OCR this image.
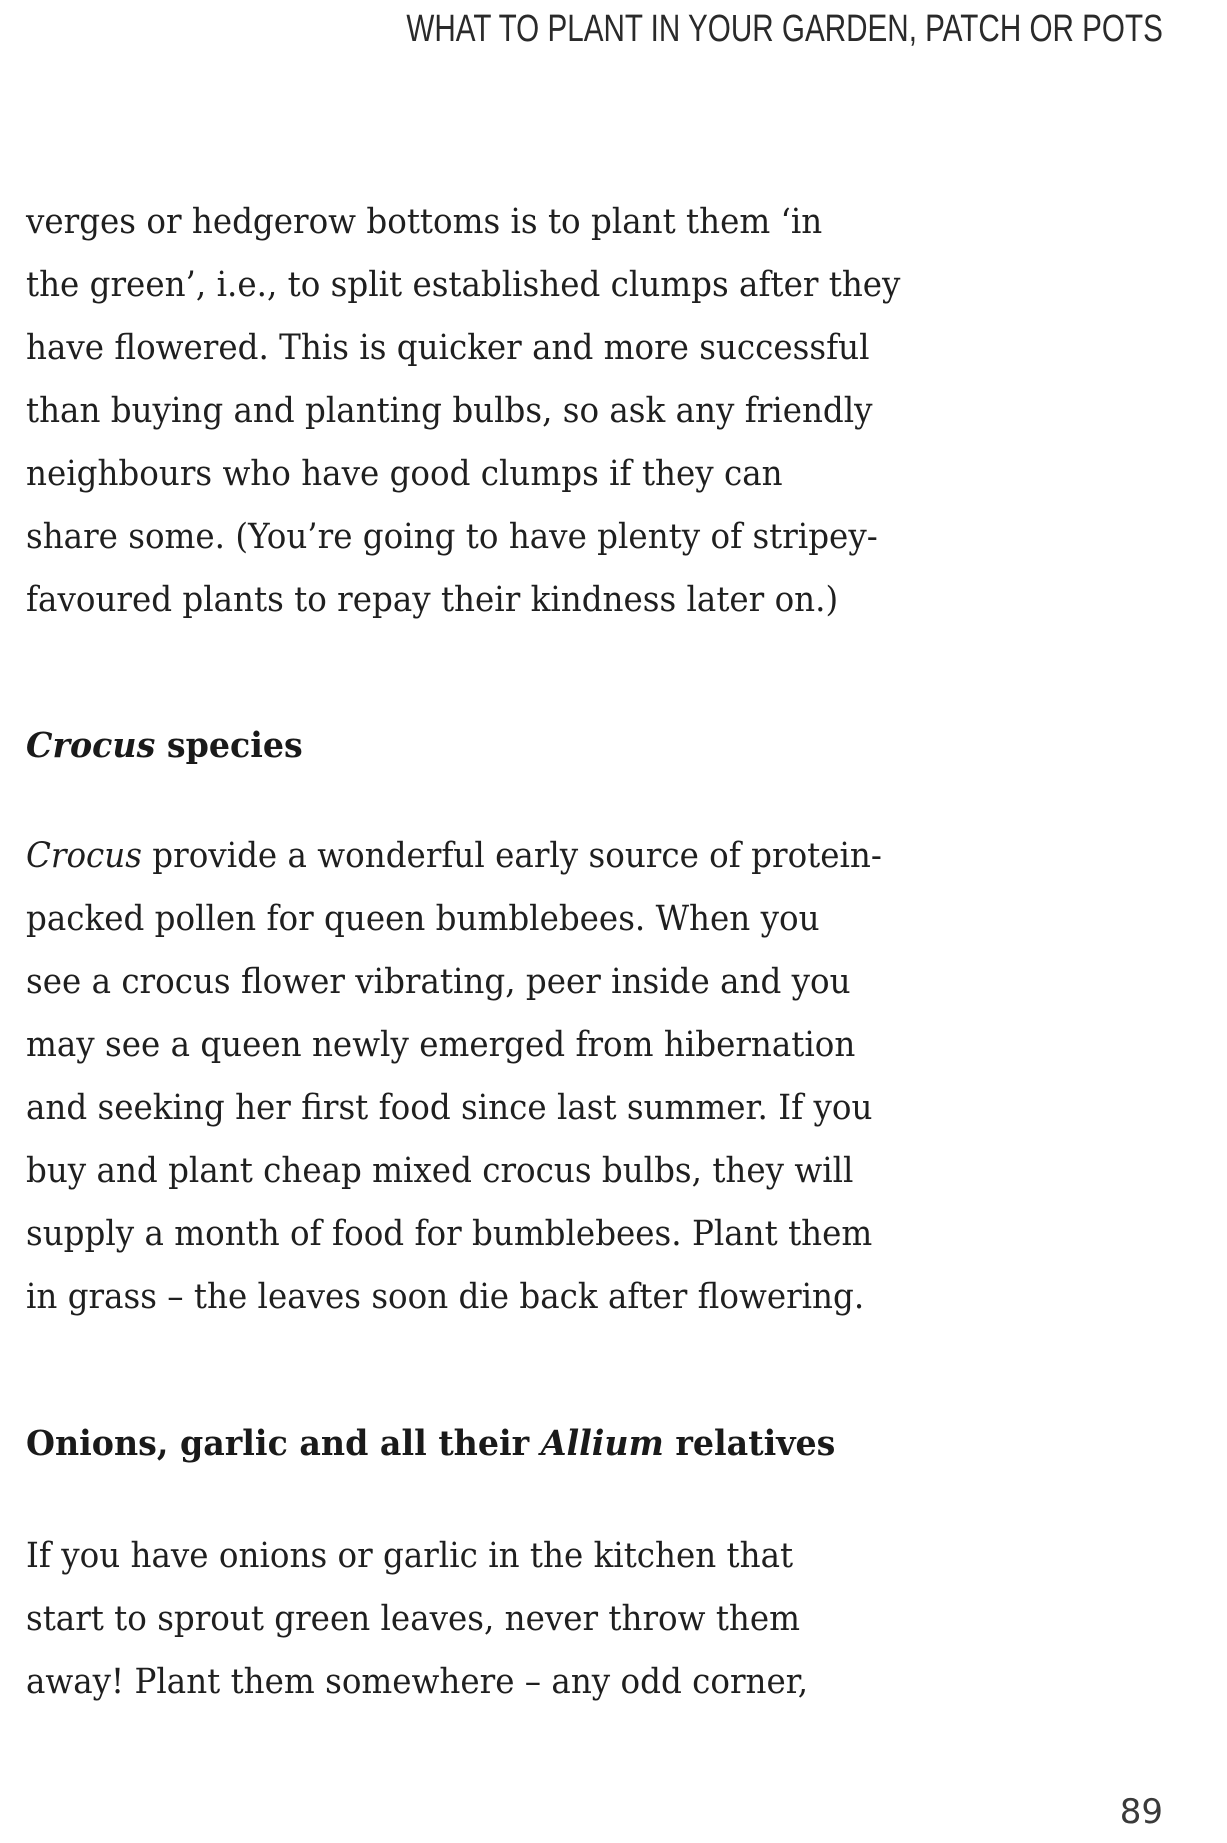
WHAT TO PLANT IN YOUR GARDEN, PATCH OR POTS
verges or hedgerow bottoms is to plant them ‘in
the green’, i.e., to split established clumps after they
have flowered. This is quicker and more successful
than buying and planting bulbs, so ask any friendly
neighbours who have good clumps if they can
share some. (You’re going to have plenty of stripey-
favoured plants to repay their kindness later on.)
Crocus species
Crocus provide a wonderful early source of protein-
packed pollen for queen bumblebees. When you
see a crocus flower vibrating, peer inside and you
may see a queen newly emerged from hibernation
and seeking her first food since last summer. If you
buy and plant cheap mixed crocus bulbs, they will
supply a month of food for bumblebees. Plant them
in grass – the leaves soon die back after flowering.
Onions, garlic and all their Allium relatives
If you have onions or garlic in the kitchen that
start to sprout green leaves, never throw them
away! Plant them somewhere – any odd corner,
89
